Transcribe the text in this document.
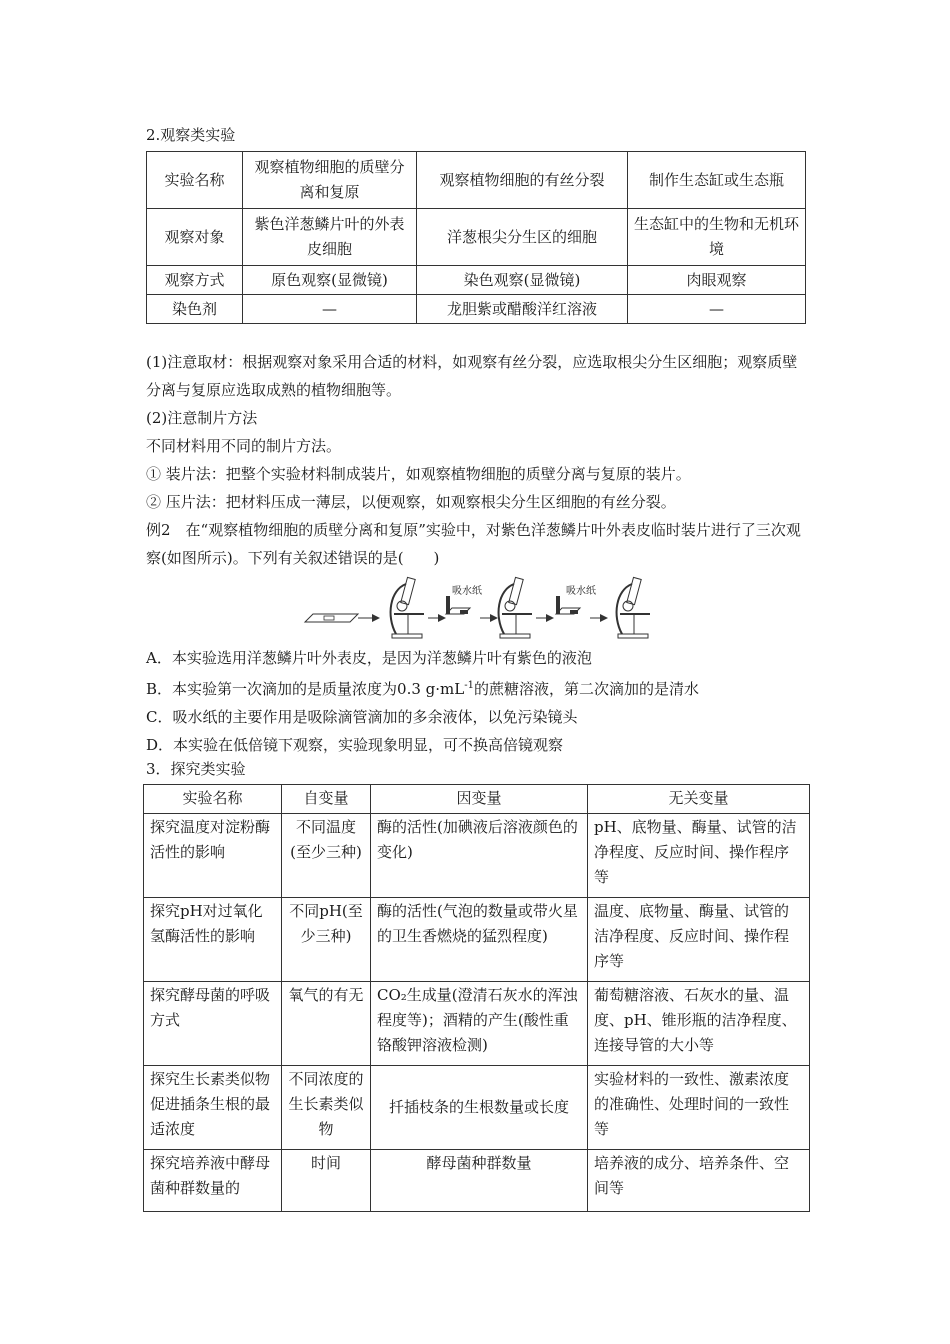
2.观察类实验
实验名称	观察植物细胞的质壁分离和复原	观察植物细胞的有丝分裂	制作生态缸或生态瓶
观察对象	紫色洋葱鳞片叶的外表皮细胞	洋葱根尖分生区的细胞	生态缸中的生物和无机环境
观察方式	原色观察(显微镜)	染色观察(显微镜)	肉眼观察
染色剂	—	龙胆紫或醋酸洋红溶液	—
(1)注意取材：根据观察对象采用合适的材料，如观察有丝分裂，应选取根尖分生区细胞；观察质壁分离与复原应选取成熟的植物细胞等。
(2)注意制片方法
不同材料用不同的制片方法。
① 装片法：把整个实验材料制成装片，如观察植物细胞的质壁分离与复原的装片。
② 压片法：把材料压成一薄层，以便观察，如观察根尖分生区细胞的有丝分裂。
例2　在“观察植物细胞的质壁分离和复原”实验中，对紫色洋葱鳞片叶外表皮临时装片进行了三次观察(如图所示)。下列有关叙述错误的是(　　)
吸水纸	吸水纸
A．本实验选用洋葱鳞片叶外表皮，是因为洋葱鳞片叶有紫色的液泡
B．本实验第一次滴加的是质量浓度为0.3 $g\cdot mL^{-1}$的蔗糖溶液，第二次滴加的是清水
C．吸水纸的主要作用是吸除滴管滴加的多余液体，以免污染镜头
D．本实验在低倍镜下观察，实验现象明显，可不换高倍镜观察
3．探究类实验
实验名称	自变量	因变量	无关变量
探究温度对淀粉酶活性的影响	不同温度(至少三种)	酶的活性(加碘液后溶液颜色的变化)	pH、底物量、酶量、试管的洁净程度、反应时间、操作程序等
探究pH对过氧化氢酶活性的影响	不同pH(至少三种)	酶的活性(气泡的数量或带火星的卫生香燃烧的猛烈程度)	温度、底物量、酶量、试管的洁净程度、反应时间、操作程序等
探究酵母菌的呼吸方式	氧气的有无	CO₂生成量(澄清石灰水的浑浊程度等)；酒精的产生(酸性重铬酸钾溶液检测)	葡萄糖溶液、石灰水的量、温度、pH、锥形瓶的洁净程度、连接导管的大小等
探究生长素类似物促进插条生根的最适浓度	不同浓度的生长素类似物	扦插枝条的生根数量或长度	实验材料的一致性、激素浓度的准确性、处理时间的一致性等
探究培养液中酵母菌种群数量的	时间	酵母菌种群数量	培养液的成分、培养条件、空间等
